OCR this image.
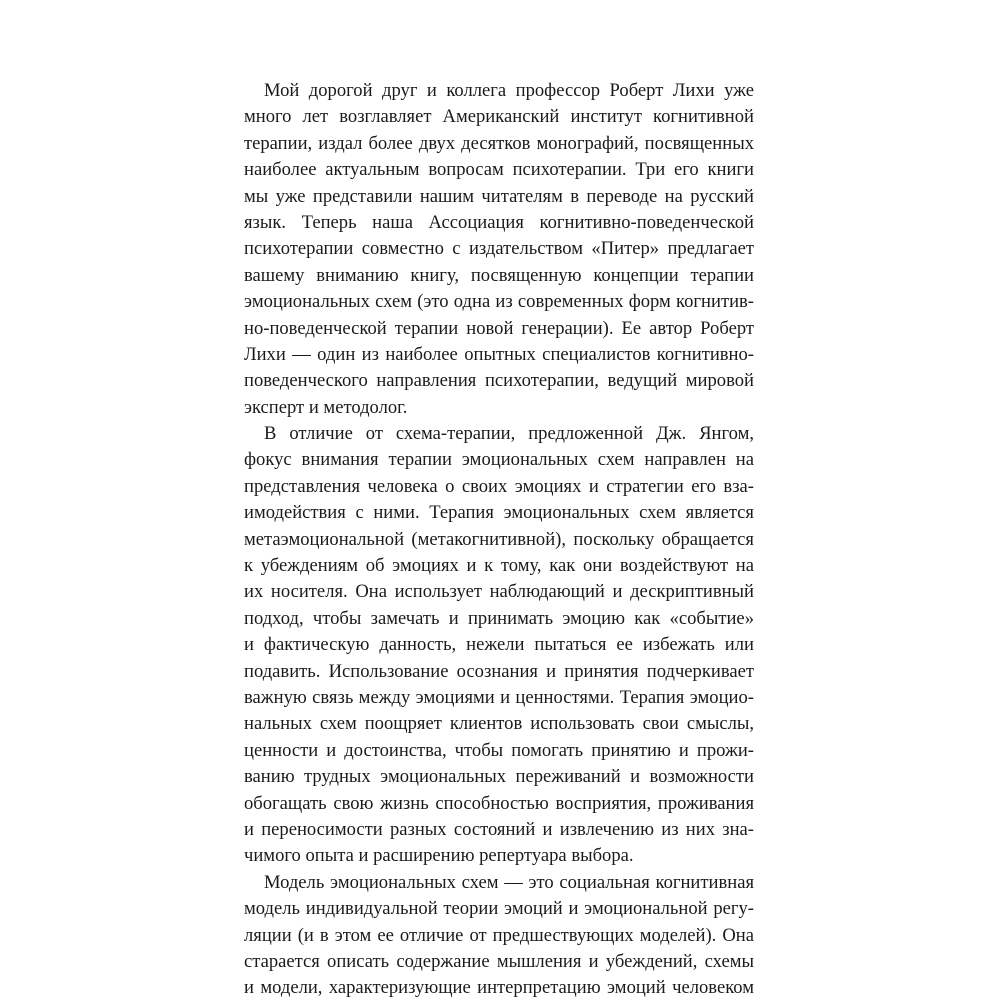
Мой дорогой друг и коллега профессор Роберт Лихи уже
много лет возглавляет Американский институт когнитивной
терапии, издал более двух десятков монографий, посвященных
наиболее актуальным вопросам психотерапии. Три его книги
мы уже представили нашим читателям в переводе на русский
язык. Теперь наша Ассоциация когнитивно-поведенческой
психотерапии совместно с издательством «Питер» предлагает
вашему вниманию книгу, посвященную концепции терапии
эмоциональных схем (это одна из современных форм когнитив-
но-поведенческой терапии новой генерации). Ее автор Роберт
Лихи — один из наиболее опытных специалистов когнитивно-
поведенческого направления психотерапии, ведущий мировой
эксперт и методолог.
В отличие от схема-терапии, предложенной Дж. Янгом,
фокус внимания терапии эмоциональных схем направлен на
представления человека о своих эмоциях и стратегии его вза-
имодействия с ними. Терапия эмоциональных схем является
метаэмоциональной (метакогнитивной), поскольку обращается
к убеждениям об эмоциях и к тому, как они воздействуют на
их носителя. Она использует наблюдающий и дескриптивный
подход, чтобы замечать и принимать эмоцию как «событие»
и фактическую данность, нежели пытаться ее избежать или
подавить. Использование осознания и принятия подчеркивает
важную связь между эмоциями и ценностями. Терапия эмоцио-
нальных схем поощряет клиентов использовать свои смыслы,
ценности и достоинства, чтобы помогать принятию и прожи-
ванию трудных эмоциональных переживаний и возможности
обогащать свою жизнь способностью восприятия, проживания
и переносимости разных состояний и извлечению из них зна-
чимого опыта и расширению репертуара выбора.
Модель эмоциональных схем — это социальная когнитивная
модель индивидуальной теории эмоций и эмоциональной регу-
ляции (и в этом ее отличие от предшествующих моделей). Она
старается описать содержание мышления и убеждений, схемы
и модели, характеризующие интерпретацию эмоций человеком
